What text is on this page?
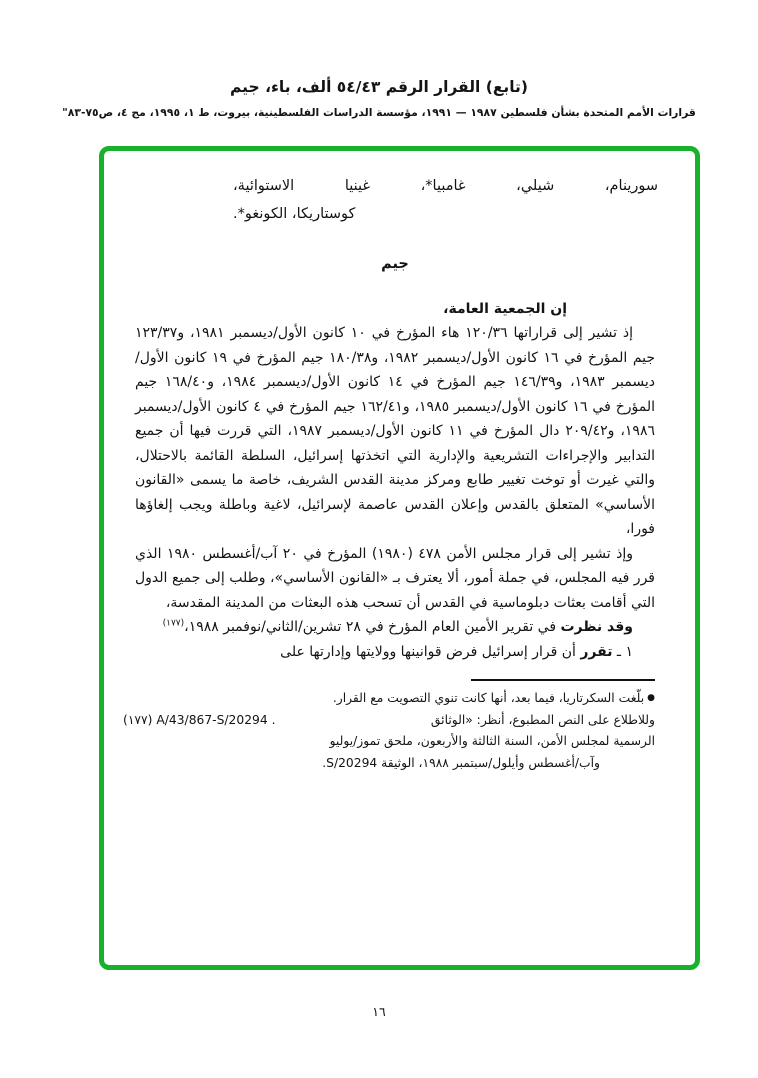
(تابع) القرار الرقم ٥٤/٤٣ ألف، باء، جيم
قرارات الأمم المتحدة بشأن فلسطين ١٩٨٧ — ١٩٩١، مؤسسة الدراسات الفلسطينية، بيروت، ط ١، ١٩٩٥، مج ٤، ص٧٥-٨٣"
سورينام، شيلي، غامبيا*، غينيا الاستوائية،
كوستاريكا، الكونغو*.
جيم
إن الجمعية العامة،

إذ تشير إلى قراراتها ١٢٠/٣٦ هاء المؤرخ في ١٠ كانون الأول/ديسمبر ١٩٨١، و١٢٣/٣٧ جيم المؤرخ في ١٦ كانون الأول/ديسمبر ١٩٨٢، و١٨٠/٣٨ جيم المؤرخ في ١٩ كانون الأول/ديسمبر ١٩٨٣، و١٤٦/٣٩ جيم المؤرخ في ١٤ كانون الأول/ديسمبر ١٩٨٤، و١٦٨/٤٠ جيم المؤرخ في ١٦ كانون الأول/ديسمبر ١٩٨٥، و١٦٢/٤١ جيم المؤرخ في ٤ كانون الأول/ديسمبر ١٩٨٦، و٢٠٩/٤٢ دال المؤرخ في ١١ كانون الأول/ديسمبر ١٩٨٧، التي قررت فيها أن جميع التدابير والإجراءات التشريعية والإدارية التي اتخذتها إسرائيل، السلطة القائمة بالاحتلال، والتي غيرت أو توخت تغيير طابع ومركز مدينة القدس الشريف، خاصة ما يسمى «القانون الأساسي» المتعلق بالقدس وإعلان القدس عاصمة لإسرائيل، لاغية وباطلة ويجب إلغاؤها فورا،

وإذ تشير إلى قرار مجلس الأمن ٤٧٨ (١٩٨٠) المؤرخ في ٢٠ آب/أغسطس ١٩٨٠ الذي قرر فيه المجلس، في جملة أمور، ألا يعترف بـ «القانون الأساسي»، وطلب إلى جميع الدول التي أقامت بعثات دبلوماسية في القدس أن تسحب هذه البعثات من المدينة المقدسة،

وقد نظرت في تقرير الأمين العام المؤرخ في ٢٨ تشرين/الثاني/نوفمبر ١٩٨٨،$^{(١٧٧)}$

١ ـ تقرر أن قرار إسرائيل فرض قوانينها وولايتها وإدارتها على

●بلّغت السكرتاريا، فيما بعد، أنها كانت تنوي التصويت مع القرار.
(١٧٧) A/43/867-S/20294 .	وللاطلاع على النص المطبوع، أنظر: «الوثائق
الرسمية لمجلس الأمن، السنة الثالثة والأربعون، ملحق تموز/يوليو
وآب/أغسطس وأيلول/سبتمبر ١٩٨٨، الوثيقة S/20294.
١٦
